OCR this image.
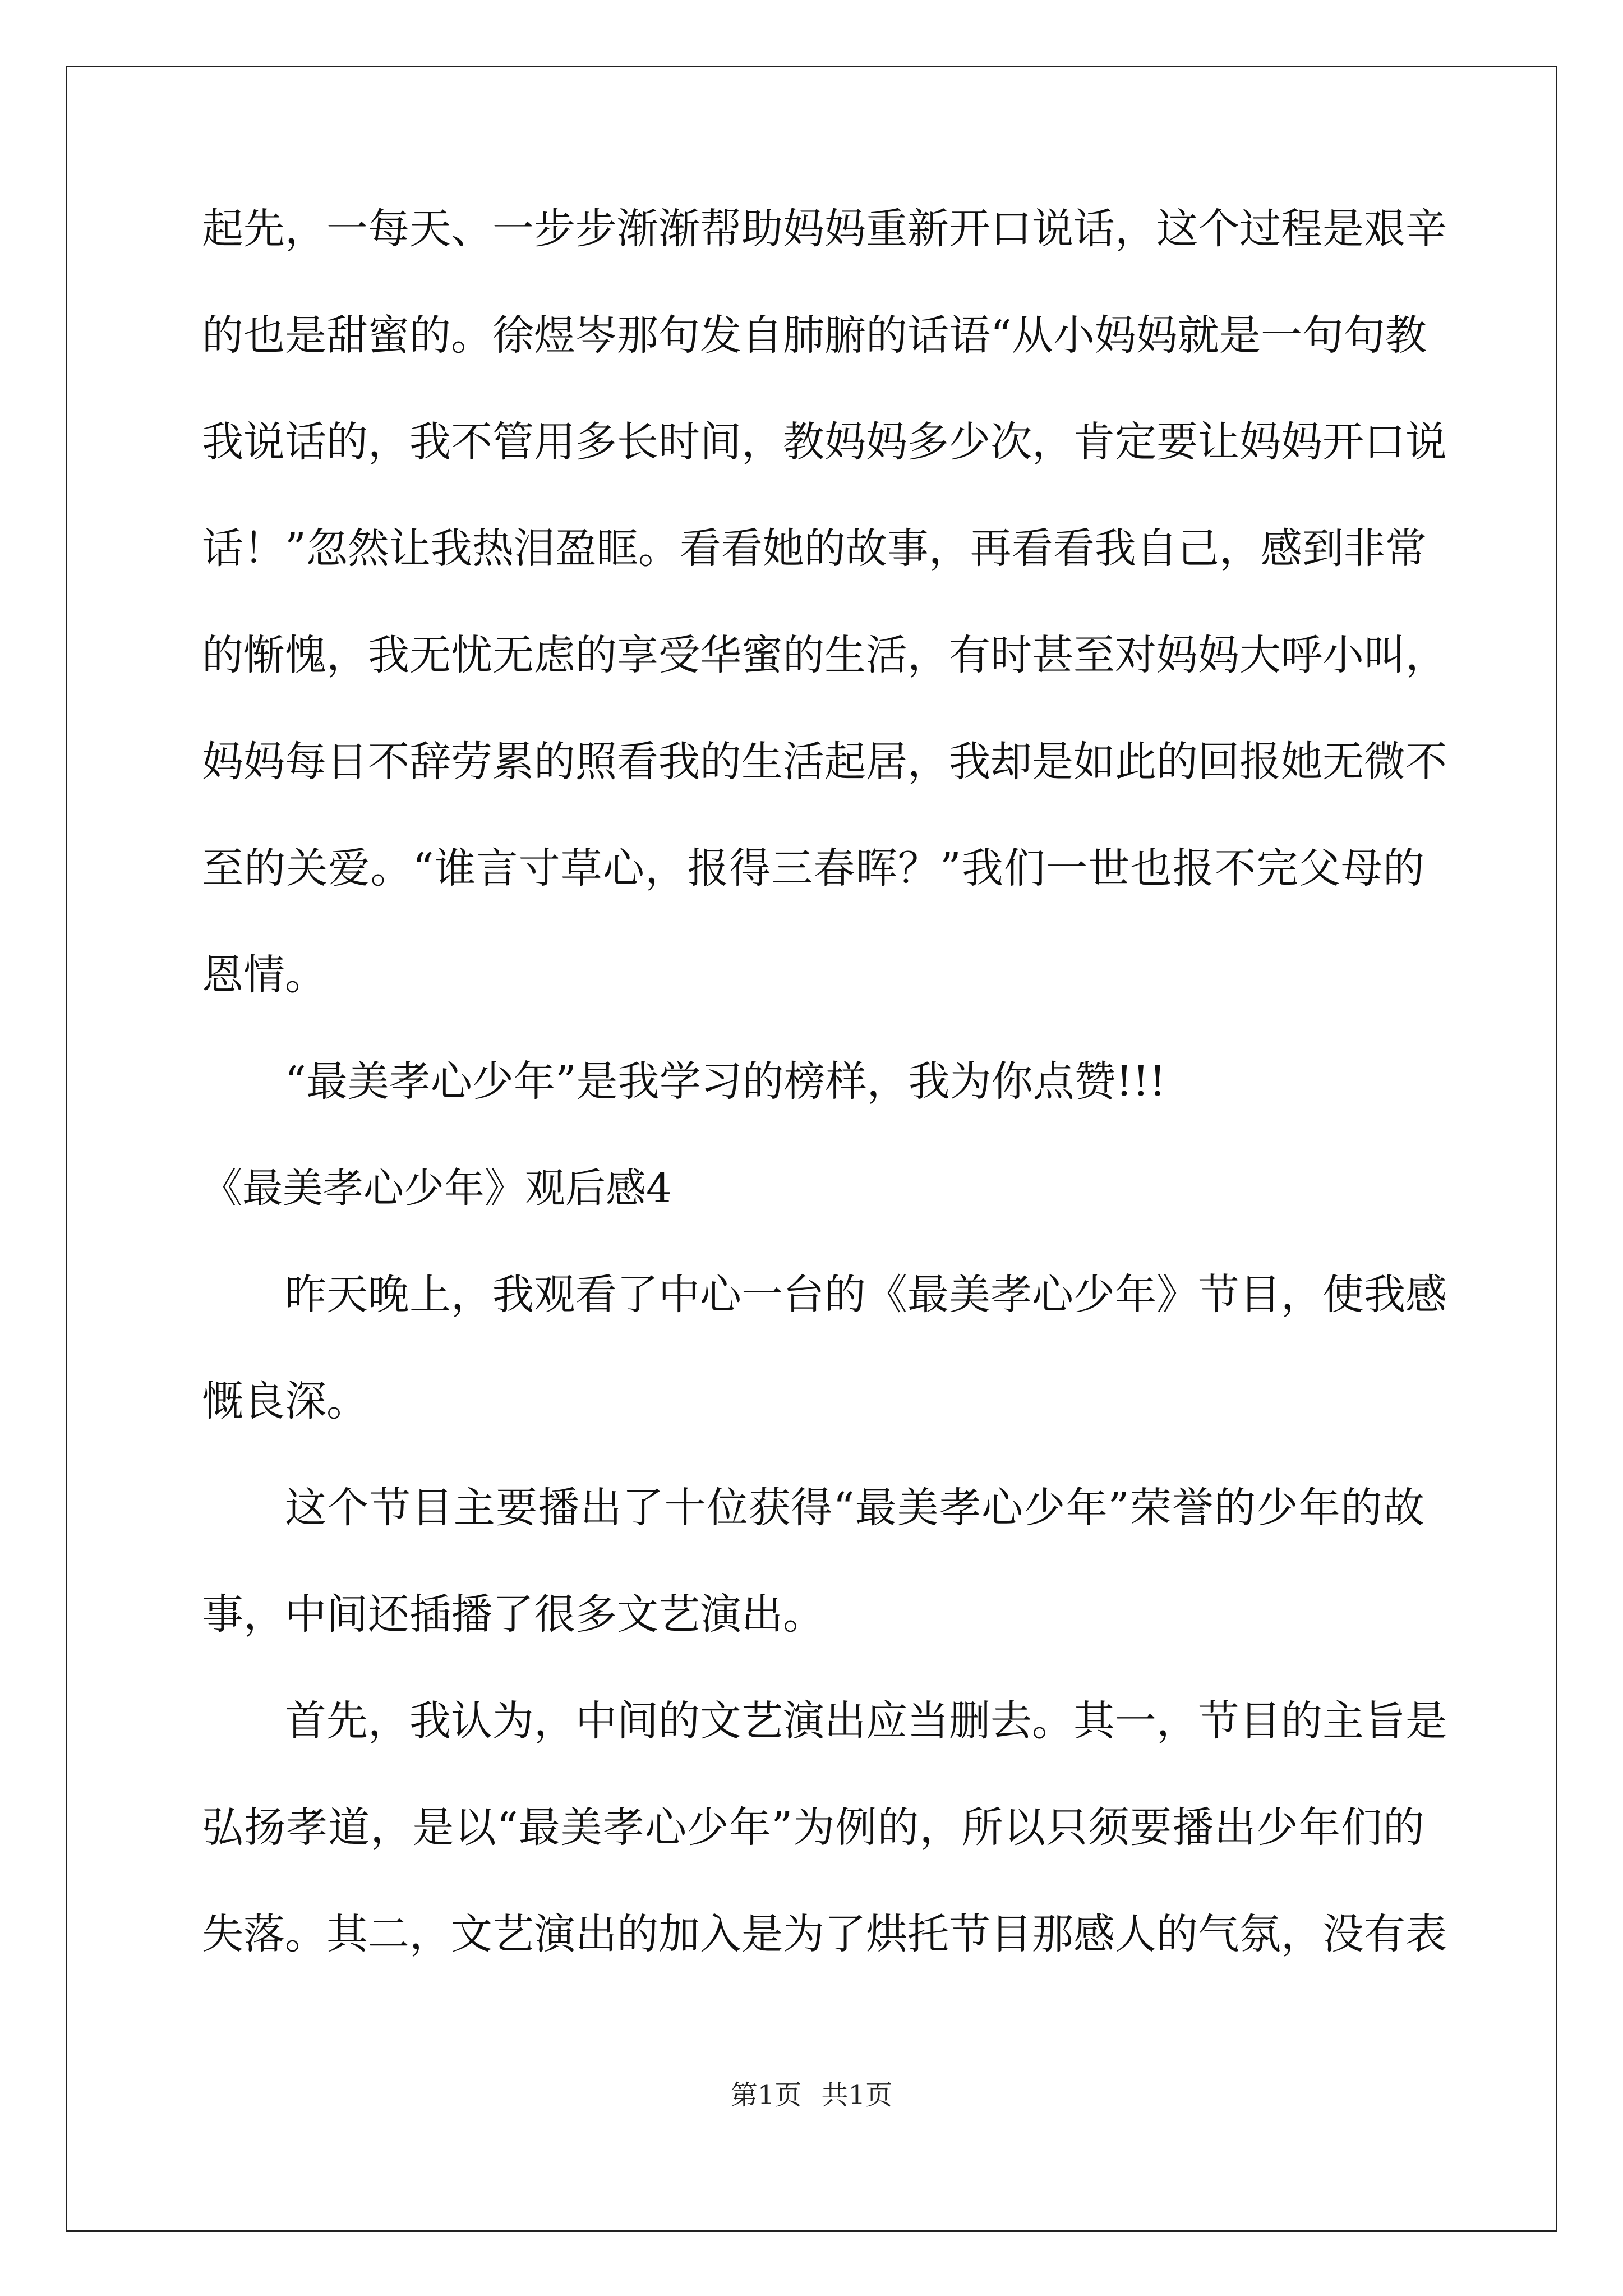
起先，一每天、一步步渐渐帮助妈妈重新开口说话，这个过程是艰辛
的也是甜蜜的。徐煜岑那句发自肺腑的话语“从小妈妈就是一句句教
我说话的，我不管用多长时间，教妈妈多少次，肯定要让妈妈开口说
话！”忽然让我热泪盈眶。看看她的故事，再看看我自己，感到非常
的惭愧，我无忧无虑的享受华蜜的生活，有时甚至对妈妈大呼小叫，
妈妈每日不辞劳累的照看我的生活起居，我却是如此的回报她无微不
至的关爱。“谁言寸草心，报得三春晖？”我们一世也报不完父母的
恩情。
“最美孝心少年”是我学习的榜样，我为你点赞!!!
《最美孝心少年》观后感4
昨天晚上，我观看了中心一台的《最美孝心少年》节目，使我感
慨良深。
这个节目主要播出了十位获得“最美孝心少年”荣誉的少年的故
事，中间还插播了很多文艺演出。
首先，我认为，中间的文艺演出应当删去。其一，节目的主旨是
弘扬孝道，是以“最美孝心少年”为例的，所以只须要播出少年们的
失落。其二，文艺演出的加入是为了烘托节目那感人的气氛，没有表
第1页 共1页
